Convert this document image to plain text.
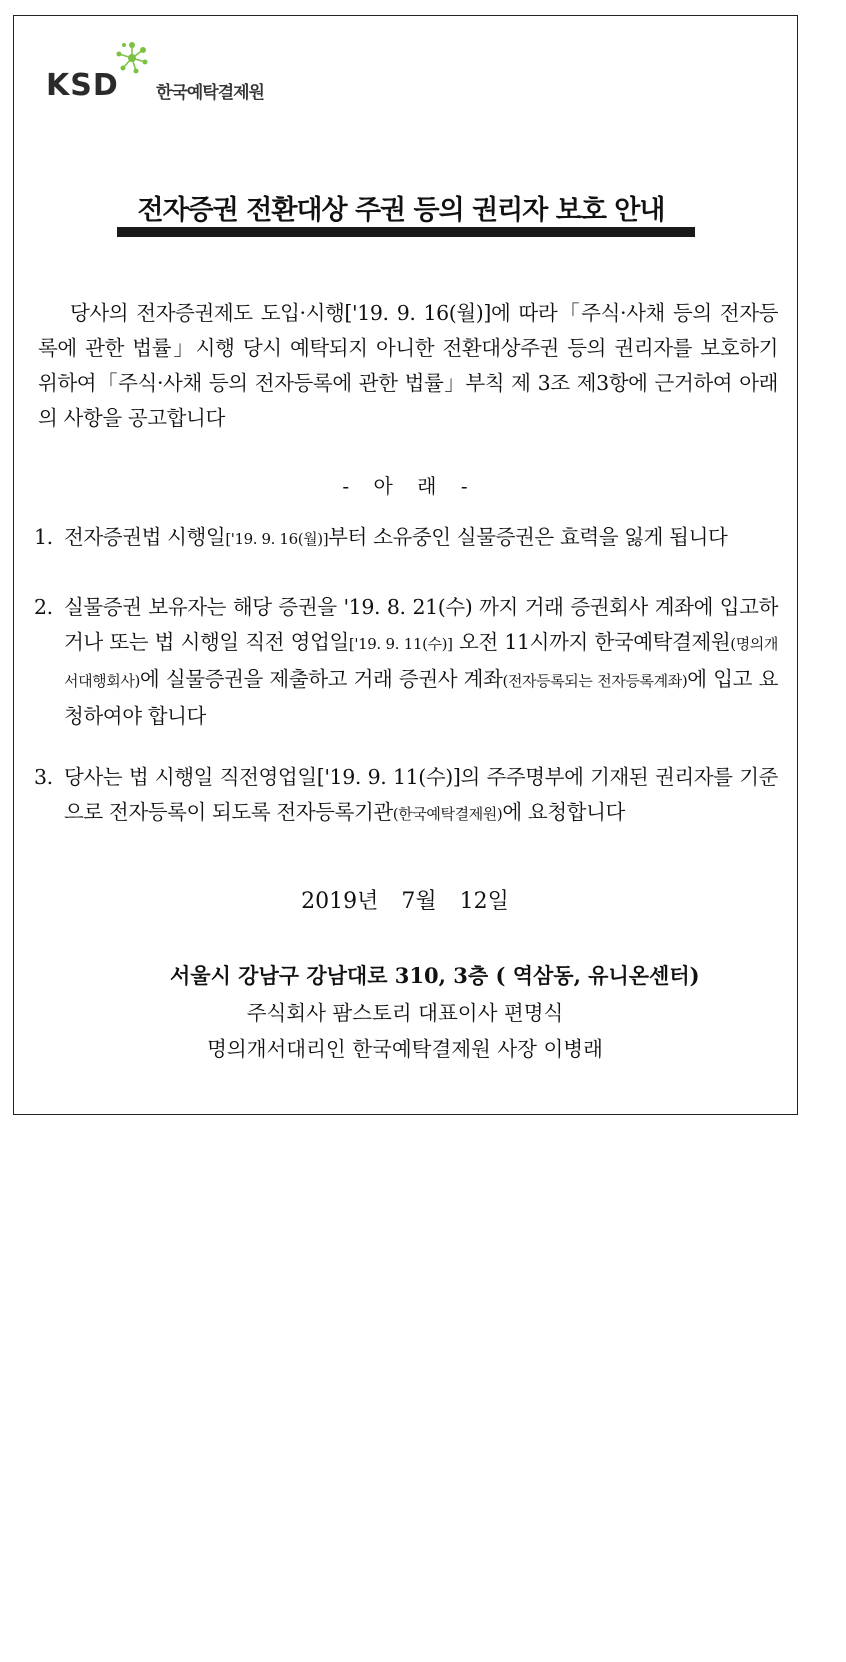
KSD 한국예탁결제원
전자증권 전환대상 주권 등의 권리자 보호 안내
당사의 전자증권제도 도입·시행['19. 9. 16(월)]에 따라「주식·사채 등의 전자등록에 관한 법률」시행 당시 예탁되지 아니한 전환대상주권 등의 권리자를 보호하기 위하여「주식·사채 등의 전자등록에 관한 법률」부칙 제 3조 제3항에 근거하여 아래의 사항을 공고합니다
- 아 래 -
1. 전자증권법 시행일['19. 9. 16(월)]부터 소유중인 실물증권은 효력을 잃게 됩니다
2. 실물증권 보유자는 해당 증권을 '19. 8. 21(수) 까지 거래 증권회사 계좌에 입고하거나 또는 법 시행일 직전 영업일['19. 9. 11(수)] 오전 11시까지 한국예탁결제원(명의개서대행회사)에 실물증권을 제출하고 거래 증권사 계좌(전자등록되는 전자등록계좌)에 입고 요청하여야 합니다
3. 당사는 법 시행일 직전영업일['19. 9. 11(수)]의 주주명부에 기재된 권리자를 기준으로 전자등록이 되도록 전자등록기관(한국예탁결제원)에 요청합니다
2019년 7월 12일
서울시 강남구 강남대로 310, 3층 ( 역삼동, 유니온센터)
주식회사 팜스토리 대표이사 편명식
명의개서대리인 한국예탁결제원 사장 이병래
